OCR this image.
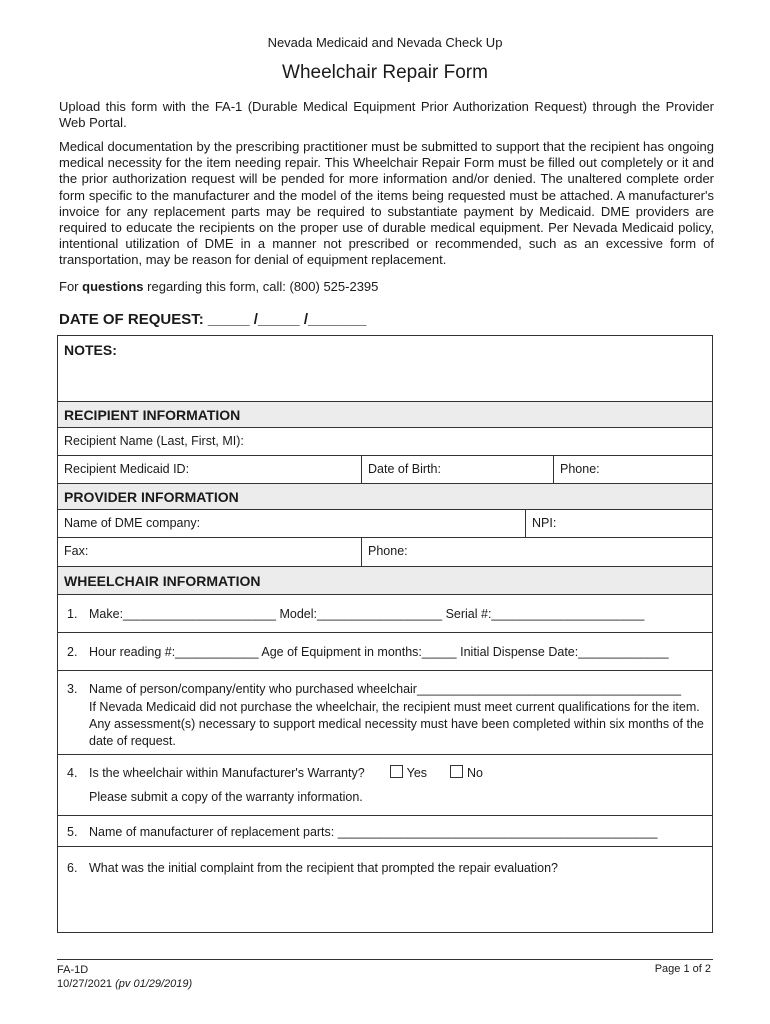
Nevada Medicaid and Nevada Check Up
Wheelchair Repair Form
Upload this form with the FA-1 (Durable Medical Equipment Prior Authorization Request) through the Provider Web Portal.
Medical documentation by the prescribing practitioner must be submitted to support that the recipient has ongoing medical necessity for the item needing repair. This Wheelchair Repair Form must be filled out completely or it and the prior authorization request will be pended for more information and/or denied. The unaltered complete order form specific to the manufacturer and the model of the items being requested must be attached. A manufacturer's invoice for any replacement parts may be required to substantiate payment by Medicaid. DME providers are required to educate the recipients on the proper use of durable medical equipment. Per Nevada Medicaid policy, intentional utilization of DME in a manner not prescribed or recommended, such as an excessive form of transportation, may be reason for denial of equipment replacement.
For questions regarding this form, call: (800) 525-2395
DATE OF REQUEST: _____ /_____ /_______
NOTES:
RECIPIENT INFORMATION
Recipient Name (Last, First, MI):
Recipient Medicaid ID:	Date of Birth:	Phone:
PROVIDER INFORMATION
Name of DME company:	NPI:
Fax:	Phone:
WHEELCHAIR INFORMATION
1. Make:______________________ Model:__________________ Serial #:______________________
2. Hour reading #:____________ Age of Equipment in months:_____ Initial Dispense Date:_____________
3. Name of person/company/entity who purchased wheelchair______________________________________
If Nevada Medicaid did not purchase the wheelchair, the recipient must meet current qualifications for the item. Any assessment(s) necessary to support medical necessity must have been completed within six months of the date of request.
4. Is the wheelchair within Manufacturer's Warranty?	Yes	No
Please submit a copy of the warranty information.
5. Name of manufacturer of replacement parts: ______________________________________________
6. What was the initial complaint from the recipient that prompted the repair evaluation?
FA-1D
10/27/2021 (pv 01/29/2019)
Page 1 of 2
